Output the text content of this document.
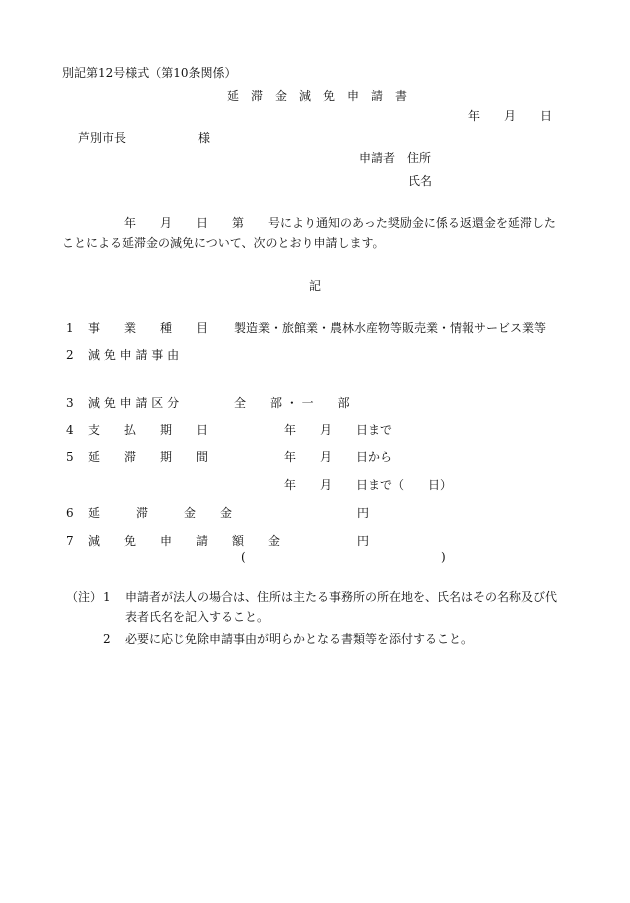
別記第12号様式（第10条関係）
延　滞　金　減　免　申　請　書
年　　月　　日
芦別市長　　　　　　様
申請者　住所
氏名
年　　月　　日　　第　　号により通知のあった奨励金に係る返還金を延滞した
ことによる延滞金の減免について、次のとおり申請します。
記
1 事　　業　　種　　目 製造業・旅館業・農林水産物等販売業・情報サービス業等
2 減 免 申 請 事 由
3 減 免 申 請 区 分	全　　部 ・ 一　　部
4 支　　払　　期　　日	年　　月　　日まで
5 延　　滞　　期　　間	年　　月　　日から
年　　月　　日まで（　　日）
6 延　　　滞　　　金　　金	円
7 減　　免　　申　　請　　額　　金	円
(	)
（注） 1 申請者が法人の場合は、住所は主たる事務所の所在地を、氏名はその名称及び代
表者氏名を記入すること。
2 必要に応じ免除申請事由が明らかとなる書類等を添付すること。
